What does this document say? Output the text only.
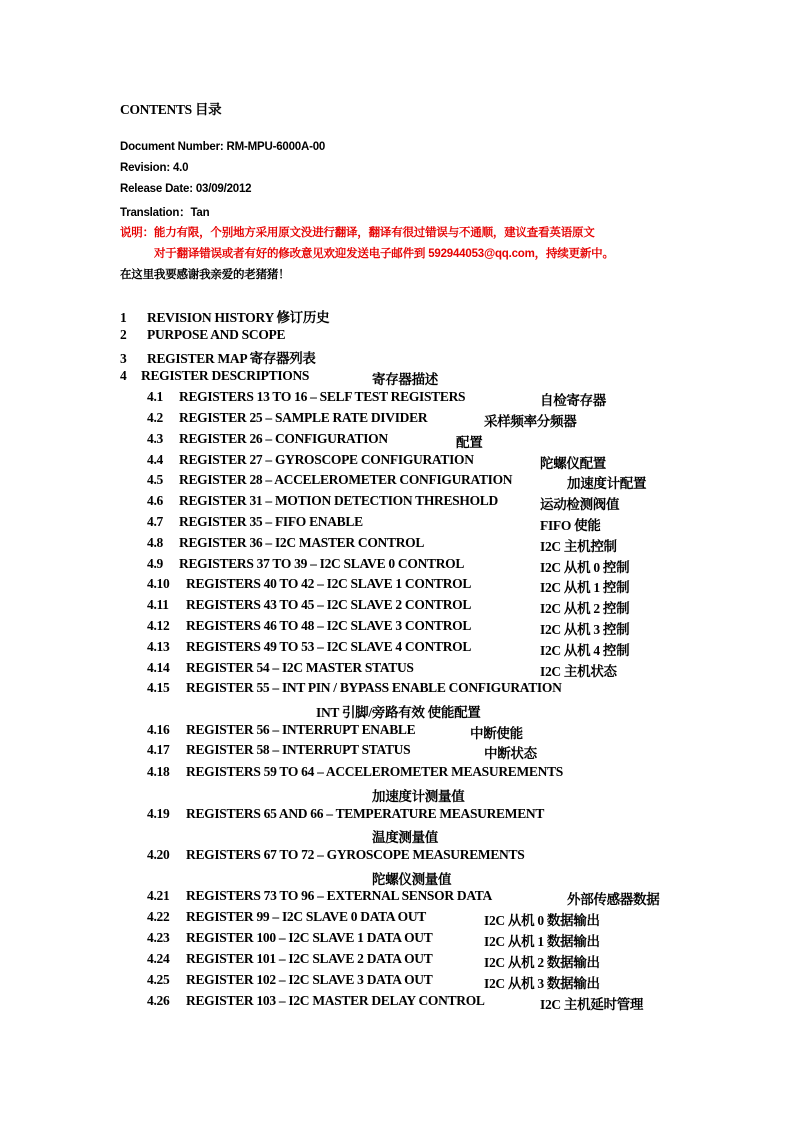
CONTENTS 目录
Document Number: RM-MPU-6000A-00
Revision: 4.0
Release Date: 03/09/2012
Translation：Tan
说明：能力有限，个别地方采用原文没进行翻译，翻译有很过错误与不通顺，建议查看英语原文
对于翻译错误或者有好的修改意见欢迎发送电子邮件到 592944053@qq.com，持续更新中。
在这里我要感谢我亲爱的老猪猪！
1 REVISION HISTORY 修订历史
2 PURPOSE AND SCOPE
3 REGISTER MAP 寄存器列表
4 REGISTER DESCRIPTIONS	寄存器描述
4.1 REGISTERS 13 TO 16 – SELF TEST REGISTERS	自检寄存器
4.2 REGISTER 25 – SAMPLE RATE DIVIDER	采样频率分频器
4.3 REGISTER 26 – CONFIGURATION	配置
4.4 REGISTER 27 – GYROSCOPE CONFIGURATION	陀螺仪配置
4.5 REGISTER 28 – ACCELEROMETER CONFIGURATION	加速度计配置
4.6 REGISTER 31 – MOTION DETECTION THRESHOLD	运动检测阀值
4.7 REGISTER 35 – FIFO ENABLE	FIFO 使能
4.8 REGISTER 36 – I2C MASTER CONTROL	I2C 主机控制
4.9 REGISTERS 37 TO 39 – I2C SLAVE 0 CONTROL	I2C 从机 0 控制
4.10 REGISTERS 40 TO 42 – I2C SLAVE 1 CONTROL	I2C 从机 1 控制
4.11 REGISTERS 43 TO 45 – I2C SLAVE 2 CONTROL	I2C 从机 2 控制
4.12 REGISTERS 46 TO 48 – I2C SLAVE 3 CONTROL	I2C 从机 3 控制
4.13 REGISTERS 49 TO 53 – I2C SLAVE 4 CONTROL	I2C 从机 4 控制
4.14 REGISTER 54 – I2C MASTER STATUS	I2C 主机状态
4.15 REGISTER 55 – INT PIN / BYPASS ENABLE CONFIGURATION
INT 引脚/旁路有效 使能配置
4.16 REGISTER 56 – INTERRUPT ENABLE	中断使能
4.17 REGISTER 58 – INTERRUPT STATUS	中断状态
4.18 REGISTERS 59 TO 64 – ACCELEROMETER MEASUREMENTS
加速度计测量值
4.19 REGISTERS 65 AND 66 – TEMPERATURE MEASUREMENT
温度测量值
4.20 REGISTERS 67 TO 72 – GYROSCOPE MEASUREMENTS
陀螺仪测量值
4.21 REGISTERS 73 TO 96 – EXTERNAL SENSOR DATA	外部传感器数据
4.22 REGISTER 99 – I2C SLAVE 0 DATA OUT	I2C 从机 0 数据输出
4.23 REGISTER 100 – I2C SLAVE 1 DATA OUT	I2C 从机 1 数据输出
4.24 REGISTER 101 – I2C SLAVE 2 DATA OUT	I2C 从机 2 数据输出
4.25 REGISTER 102 – I2C SLAVE 3 DATA OUT	I2C 从机 3 数据输出
4.26 REGISTER 103 – I2C MASTER DELAY CONTROL	I2C 主机延时管理
